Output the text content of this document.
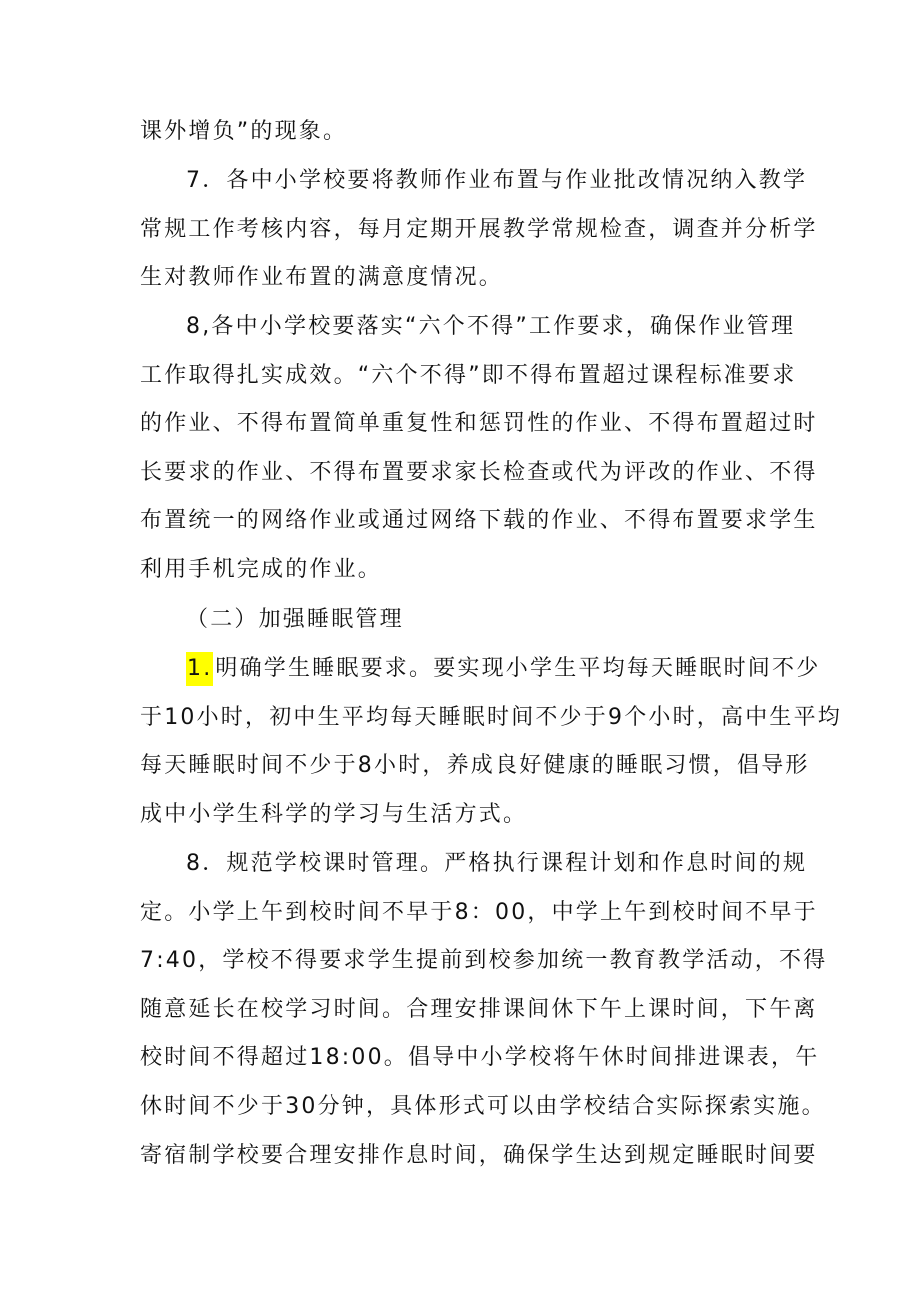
课外增负”的现象。
7．各中小学校要将教师作业布置与作业批改情况纳入教学
常规工作考核内容，每月定期开展教学常规检查，调查并分析学
生对教师作业布置的满意度情况。
8,各中小学校要落实“六个不得”工作要求，确保作业管理
工作取得扎实成效。“六个不得”即不得布置超过课程标准要求
的作业、不得布置简单重复性和惩罚性的作业、不得布置超过时
长要求的作业、不得布置要求家长检查或代为评改的作业、不得
布置统一的网络作业或通过网络下载的作业、不得布置要求学生
利用手机完成的作业。
（二）加强睡眠管理
1. 明确学生睡眠要求。要实现小学生平均每天睡眠时间不少
于10小时，初中生平均每天睡眠时间不少于9个小时，高中生平均
每天睡眠时间不少于8小时，养成良好健康的睡眠习惯，倡导形
成中小学生科学的学习与生活方式。
8．规范学校课时管理。严格执行课程计划和作息时间的规
定。小学上午到校时间不早于8：00，中学上午到校时间不早于
7:40，学校不得要求学生提前到校参加统一教育教学活动，不得
随意延长在校学习时间。合理安排课间休下午上课时间，下午离
校时间不得超过18:00。倡导中小学校将午休时间排进课表，午
休时间不少于30分钟，具体形式可以由学校结合实际探索实施。
寄宿制学校要合理安排作息时间，确保学生达到规定睡眠时间要
